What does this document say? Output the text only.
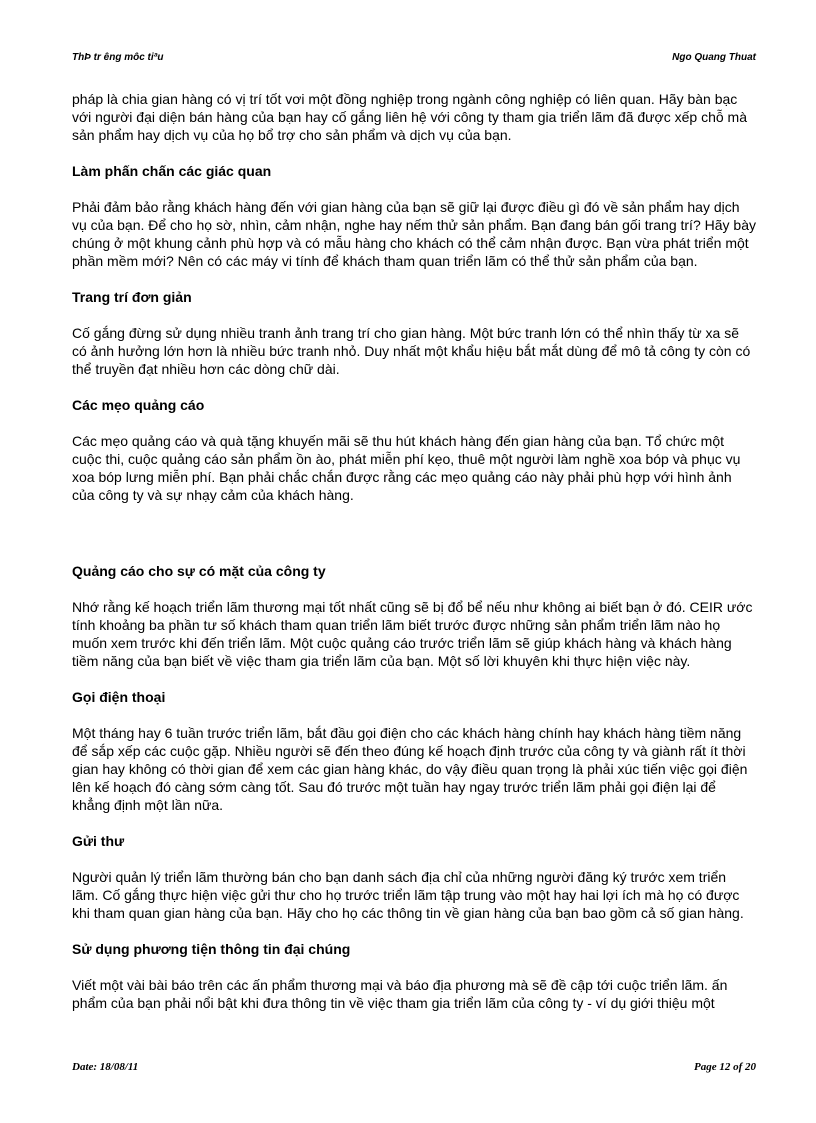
ThÞ tr êng môc tiªu	Ngo Quang Thuat

pháp là chia gian hàng có vị trí tốt vơi một đồng nghiệp trong ngành công nghiệp có liên quan. Hãy bàn bạc với người đại diện bán hàng của bạn hay cố gắng liên hệ với công ty tham gia triển lãm đã được xếp chỗ mà sản phẩm hay dịch vụ của họ bổ trợ cho sản phẩm và dịch vụ của bạn.

Làm phấn chấn các giác quan

Phải đảm bảo rằng khách hàng đến với gian hàng của bạn sẽ giữ lại được điều gì đó về sản phẩm hay dịch vụ của bạn. Để cho họ sờ, nhìn, cảm nhận, nghe hay nếm thử sản phẩm. Bạn đang bán gối trang trí? Hãy bày chúng ở một khung cảnh phù hợp và có mẫu hàng cho khách có thể cảm nhận được. Bạn vừa phát triển một phần mềm mới? Nên có các máy vi tính để khách tham quan triển lãm có thể thử sản phẩm của bạn.

Trang trí đơn giản

Cố gắng đừng sử dụng nhiều tranh ảnh trang trí cho gian hàng. Một bức tranh lớn có thể nhìn thấy từ xa sẽ có ảnh hưởng lớn hơn là nhiều bức tranh nhỏ. Duy nhất một khẩu hiệu bắt mắt dùng để mô tả công ty còn có thể truyền đạt nhiều hơn các dòng chữ dài.

Các mẹo quảng cáo

Các mẹo quảng cáo và quà tặng khuyến mãi sẽ thu hút khách hàng đến gian hàng của bạn. Tổ chức một cuộc thi, cuộc quảng cáo sản phẩm ồn ào, phát miễn phí kẹo, thuê một người làm nghề xoa bóp và phục vụ xoa bóp lưng miễn phí. Bạn phải chắc chắn được rằng các mẹo quảng cáo này phải phù hợp với hình ảnh của công ty và sự nhạy cảm của khách hàng.

Quảng cáo cho sự có mặt của công ty

Nhớ rằng kế hoạch triển lãm thương mại tốt nhất cũng sẽ bị đổ bể nếu như không ai biết bạn ở đó. CEIR ước tính khoảng ba phần tư số khách tham quan triển lãm biết trước được những sản phẩm triển lãm nào họ muốn xem trước khi đến triển lãm. Một cuộc quảng cáo trước triển lãm sẽ giúp khách hàng và khách hàng tiềm năng của bạn biết về việc tham gia triển lãm của bạn. Một số lời khuyên khi thực hiện việc này.

Gọi điện thoại

Một tháng hay 6 tuần trước triển lãm, bắt đầu gọi điện cho các khách hàng chính hay khách hàng tiềm năng để sắp xếp các cuộc gặp. Nhiều người sẽ đến theo đúng kế hoạch định trước của công ty và giành rất ít thời gian hay không có thời gian để xem các gian hàng khác, do vậy điều quan trọng là phải xúc tiến việc gọi điện lên kế hoạch đó càng sớm càng tốt. Sau đó trước một tuần hay ngay trước triển lãm phải gọi điện lại để khẳng định một lần nữa.

Gửi thư

Người quản lý triển lãm thường bán cho bạn danh sách địa chỉ của những người đăng ký trước xem triển lãm. Cố gắng thực hiện việc gửi thư cho họ trước triển lãm tập trung vào một hay hai lợi ích mà họ có được khi tham quan gian hàng của bạn. Hãy cho họ các thông tin về gian hàng của bạn bao gồm cả số gian hàng.

Sử dụng phương tiện thông tin đại chúng

Viết một vài bài báo trên các ấn phẩm thương mại và báo địa phương mà sẽ đề cập tới cuộc triển lãm. ấn phẩm của bạn phải nổi bật khi đưa thông tin về việc tham gia triển lãm của công ty - ví dụ giới thiệu một

Date: 18/08/11	Page 12 of 20
